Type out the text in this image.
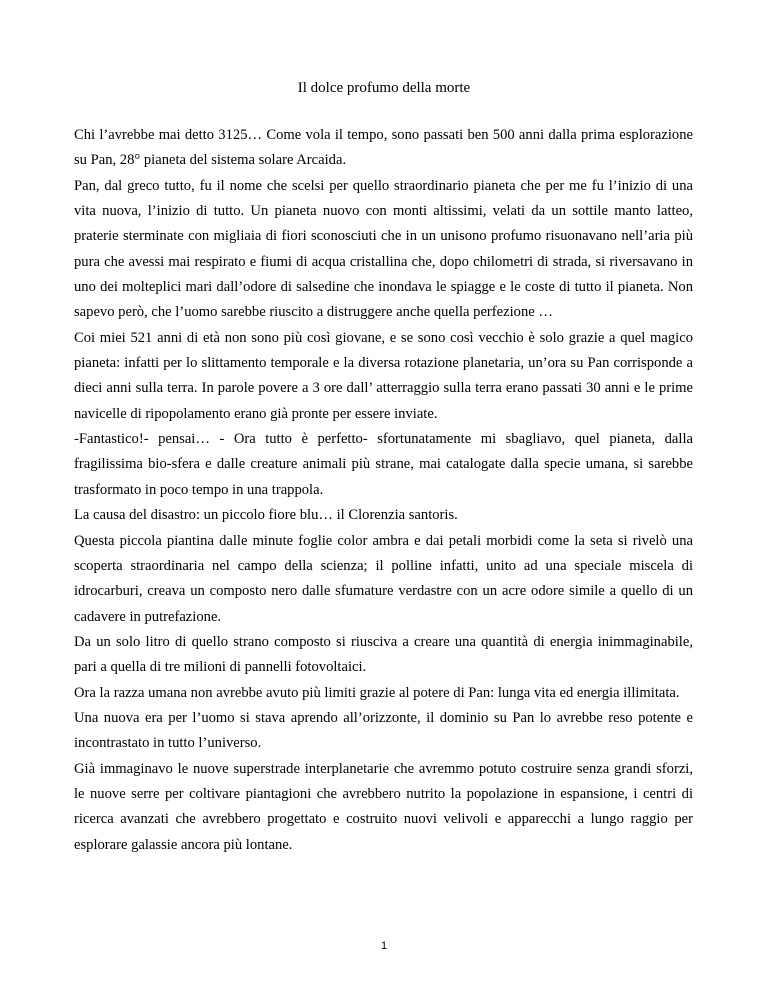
Il dolce profumo della morte

Chi l’avrebbe mai detto 3125… Come vola il tempo, sono passati ben 500 anni dalla prima esplorazione su Pan, 28° pianeta del sistema solare Arcaida.

Pan, dal greco tutto, fu il nome che scelsi per quello straordinario pianeta che per me fu l’inizio di una vita nuova, l’inizio di tutto. Un pianeta nuovo con monti altissimi, velati da un sottile manto latteo, praterie sterminate con migliaia di fiori sconosciuti che in un unisono profumo risuonavano nell’aria più pura che avessi mai respirato e fiumi di acqua cristallina che, dopo chilometri di strada, si riversavano in uno dei molteplici mari dall’odore di salsedine che inondava le spiagge e le coste di tutto il pianeta. Non sapevo però, che l’uomo sarebbe riuscito a distruggere anche quella perfezione …

Coi miei 521 anni di età non sono più così giovane, e se sono così vecchio è solo grazie a quel magico pianeta: infatti per lo slittamento temporale e la diversa rotazione planetaria, un’ora su Pan corrisponde a dieci anni sulla terra. In parole povere a 3 ore dall’ atterraggio sulla terra erano passati 30 anni e le prime navicelle di ripopolamento erano già pronte per essere inviate.

-Fantastico!- pensai… - Ora tutto è perfetto- sfortunatamente mi sbagliavo, quel pianeta, dalla fragilissima bio-sfera e dalle creature animali più strane, mai catalogate dalla specie umana, si sarebbe trasformato in poco tempo in una trappola.

La causa del disastro: un piccolo fiore blu… il Clorenzia santoris.

Questa piccola piantina dalle minute foglie color ambra e dai petali morbidi come la seta si rivelò una scoperta straordinaria nel campo della scienza; il polline infatti, unito ad una speciale miscela di idrocarburi, creava un composto nero dalle sfumature verdastre con un acre odore simile a quello di un cadavere in putrefazione.

Da un solo litro di quello strano composto si riusciva a creare una quantità di energia inimmaginabile, pari a quella di tre milioni di pannelli fotovoltaici.

Ora la razza umana non avrebbe avuto più limiti grazie al potere di Pan: lunga vita ed energia illimitata.

Una nuova era per l’uomo si stava aprendo all’orizzonte, il dominio su Pan lo avrebbe reso potente e incontrastato in tutto l’universo.

Già immaginavo le nuove superstrade interplanetarie che avremmo potuto costruire senza grandi sforzi, le nuove serre per coltivare piantagioni che avrebbero nutrito la popolazione in espansione, i centri di ricerca avanzati che avrebbero progettato e costruito nuovi velivoli e apparecchi a lungo raggio per esplorare galassie ancora più lontane.

1
